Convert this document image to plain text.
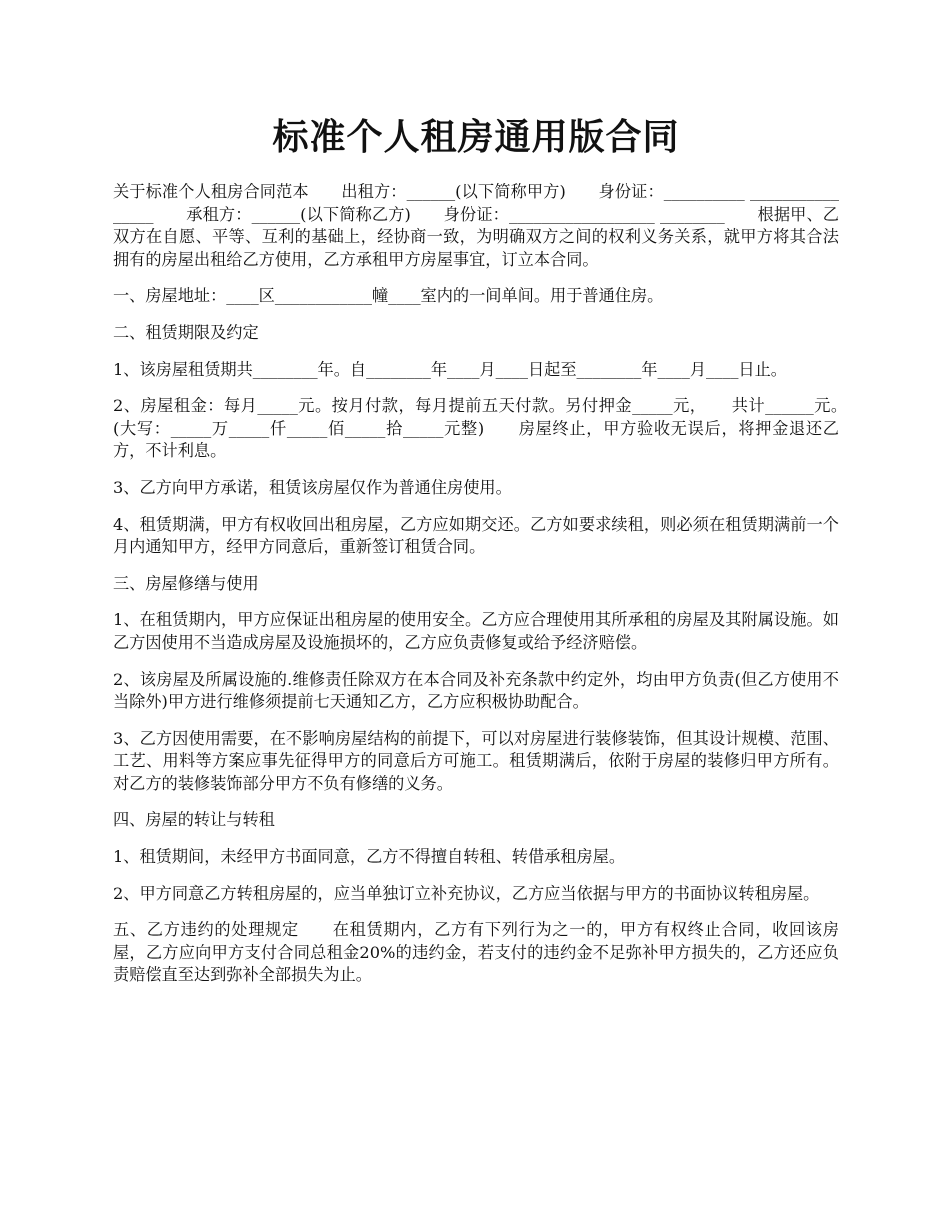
标准个人租房通用版合同

关于标准个人租房合同范本　　出租方：______(以下简称甲方)　　身份证：__________ ________________　　承租方：______(以下简称乙方)　　身份证：__________________ ________　　根据甲、乙双方在自愿、平等、互利的基础上，经协商一致，为明确双方之间的权利义务关系，就甲方将其合法拥有的房屋出租给乙方使用，乙方承租甲方房屋事宜，订立本合同。

一、房屋地址：____区____________幢____室内的一间单间。用于普通住房。

二、租赁期限及约定

1、该房屋租赁期共________年。自________年____月____日起至________年____月____日止。

2、房屋租金：每月_____元。按月付款，每月提前五天付款。另付押金_____元，　　共计______元。　　(大写：_____万_____仟_____佰_____拾_____元整)　　房屋终止，甲方验收无误后，将押金退还乙方，不计利息。

3、乙方向甲方承诺，租赁该房屋仅作为普通住房使用。

4、租赁期满，甲方有权收回出租房屋，乙方应如期交还。乙方如要求续租，则必须在租赁期满前一个月内通知甲方，经甲方同意后，重新签订租赁合同。

三、房屋修缮与使用

1、在租赁期内，甲方应保证出租房屋的使用安全。乙方应合理使用其所承租的房屋及其附属设施。如乙方因使用不当造成房屋及设施损坏的，乙方应负责修复或给予经济赔偿。

2、该房屋及所属设施的.维修责任除双方在本合同及补充条款中约定外，均由甲方负责(但乙方使用不当除外)甲方进行维修须提前七天通知乙方，乙方应积极协助配合。

3、乙方因使用需要，在不影响房屋结构的前提下，可以对房屋进行装修装饰，但其设计规模、范围、工艺、用料等方案应事先征得甲方的同意后方可施工。租赁期满后，依附于房屋的装修归甲方所有。对乙方的装修装饰部分甲方不负有修缮的义务。

四、房屋的转让与转租

1、租赁期间，未经甲方书面同意，乙方不得擅自转租、转借承租房屋。

2、甲方同意乙方转租房屋的，应当单独订立补充协议，乙方应当依据与甲方的书面协议转租房屋。

五、乙方违约的处理规定　　在租赁期内，乙方有下列行为之一的，甲方有权终止合同，收回该房屋，乙方应向甲方支付合同总租金20%的违约金，若支付的违约金不足弥补甲方损失的，乙方还应负责赔偿直至达到弥补全部损失为止。
